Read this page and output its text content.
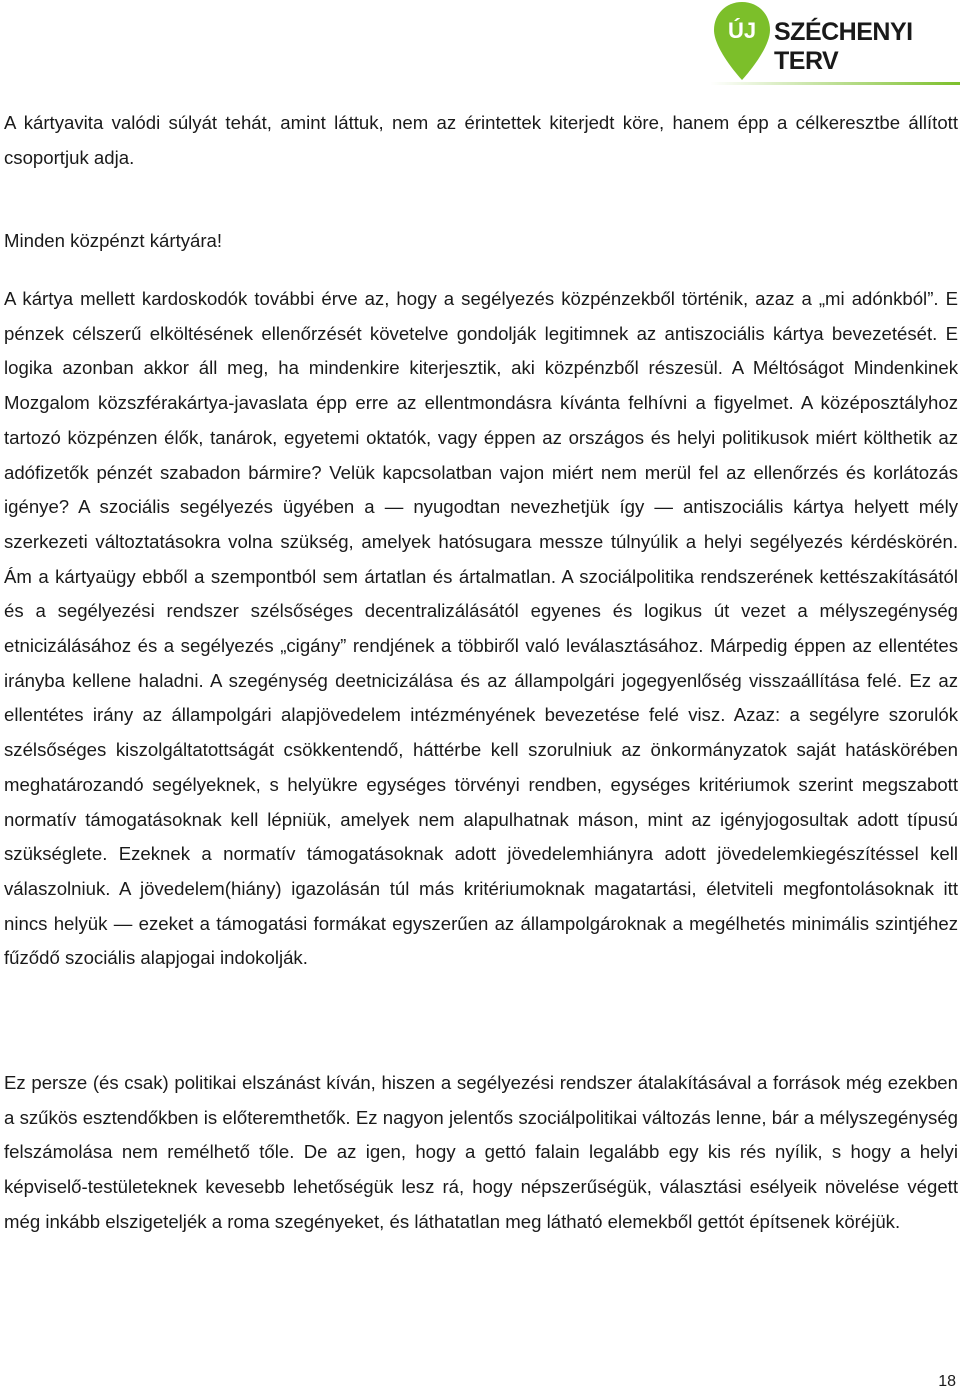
ÚJ SZÉCHENYI TERV

A kártyavita valódi súlyát tehát, amint láttuk, nem az érintettek kiterjedt köre, hanem épp a célkeresztbe állított csoportjuk adja.

Minden közpénzt kártyára!

A kártya mellett kardoskodók további érve az, hogy a segélyezés közpénzekből történik, azaz a „mi adónkból”. E pénzek célszerű elköltésének ellenőrzését követelve gondolják legitimnek az antiszociális kártya bevezetését. E logika azonban akkor áll meg, ha mindenkire kiterjesztik, aki közpénzből részesül. A Méltóságot Mindenkinek Mozgalom közszférakártya-javaslata épp erre az ellentmondásra kívánta felhívni a figyelmet. A középosztályhoz tartozó közpénzen élők, tanárok, egyetemi oktatók, vagy éppen az országos és helyi politikusok miért költhetik az adófizetők pénzét szabadon bármire? Velük kapcsolatban vajon miért nem merül fel az ellenőrzés és korlátozás igénye? A szociális segélyezés ügyében a — nyugodtan nevezhetjük így — antiszociális kártya helyett mély szerkezeti változtatásokra volna szükség, amelyek hatósugara messze túlnyúlik a helyi segélyezés kérdéskörén. Ám a kártyaügy ebből a szempontból sem ártatlan és ártalmatlan. A szociálpolitika rendszerének kettészakításától és a segélyezési rendszer szélsőséges decentralizálásától egyenes és logikus út vezet a mélyszegénység etnicizálásához és a segélyezés „cigány” rendjének a többiről való leválasztásához. Márpedig éppen az ellentétes irányba kellene haladni. A szegénység deetnicizálása és az állampolgári jogegyenlőség visszaállítása felé. Ez az ellentétes irány az állampolgári alapjövedelem intézményének bevezetése felé visz. Azaz: a segélyre szorulók szélsőséges kiszolgáltatottságát csökkentendő, háttérbe kell szorulniuk az önkormányzatok saját hatáskörében meghatározandó segélyeknek, s helyükre egységes törvényi rendben, egységes kritériumok szerint megszabott normatív támogatásoknak kell lépniük, amelyek nem alapulhatnak máson, mint az igényjogosultak adott típusú szükséglete. Ezeknek a normatív támogatásoknak adott jövedelemhiányra adott jövedelemkiegészítéssel kell válaszolniuk. A jövedelem(hiány) igazolásán túl más kritériumoknak magatartási, életviteli megfontolásoknak itt nincs helyük — ezeket a támogatási formákat egyszerűen az állampolgároknak a megélhetés minimális szintjéhez fűződő szociális alapjogai indokolják.

Ez persze (és csak) politikai elszánást kíván, hiszen a segélyezési rendszer átalakításával a források még ezekben a szűkös esztendőkben is előteremthetők. Ez nagyon jelentős szociálpolitikai változás lenne, bár a mélyszegénység felszámolása nem remélhető tőle. De az igen, hogy a gettó falain legalább egy kis rés nyílik, s hogy a helyi képviselő-testületeknek kevesebb lehetőségük lesz rá, hogy népszerűségük, választási esélyeik növelése végett még inkább elszigeteljék a roma szegényeket, és láthatatlan meg látható elemekből gettót építsenek köréjük.

18
